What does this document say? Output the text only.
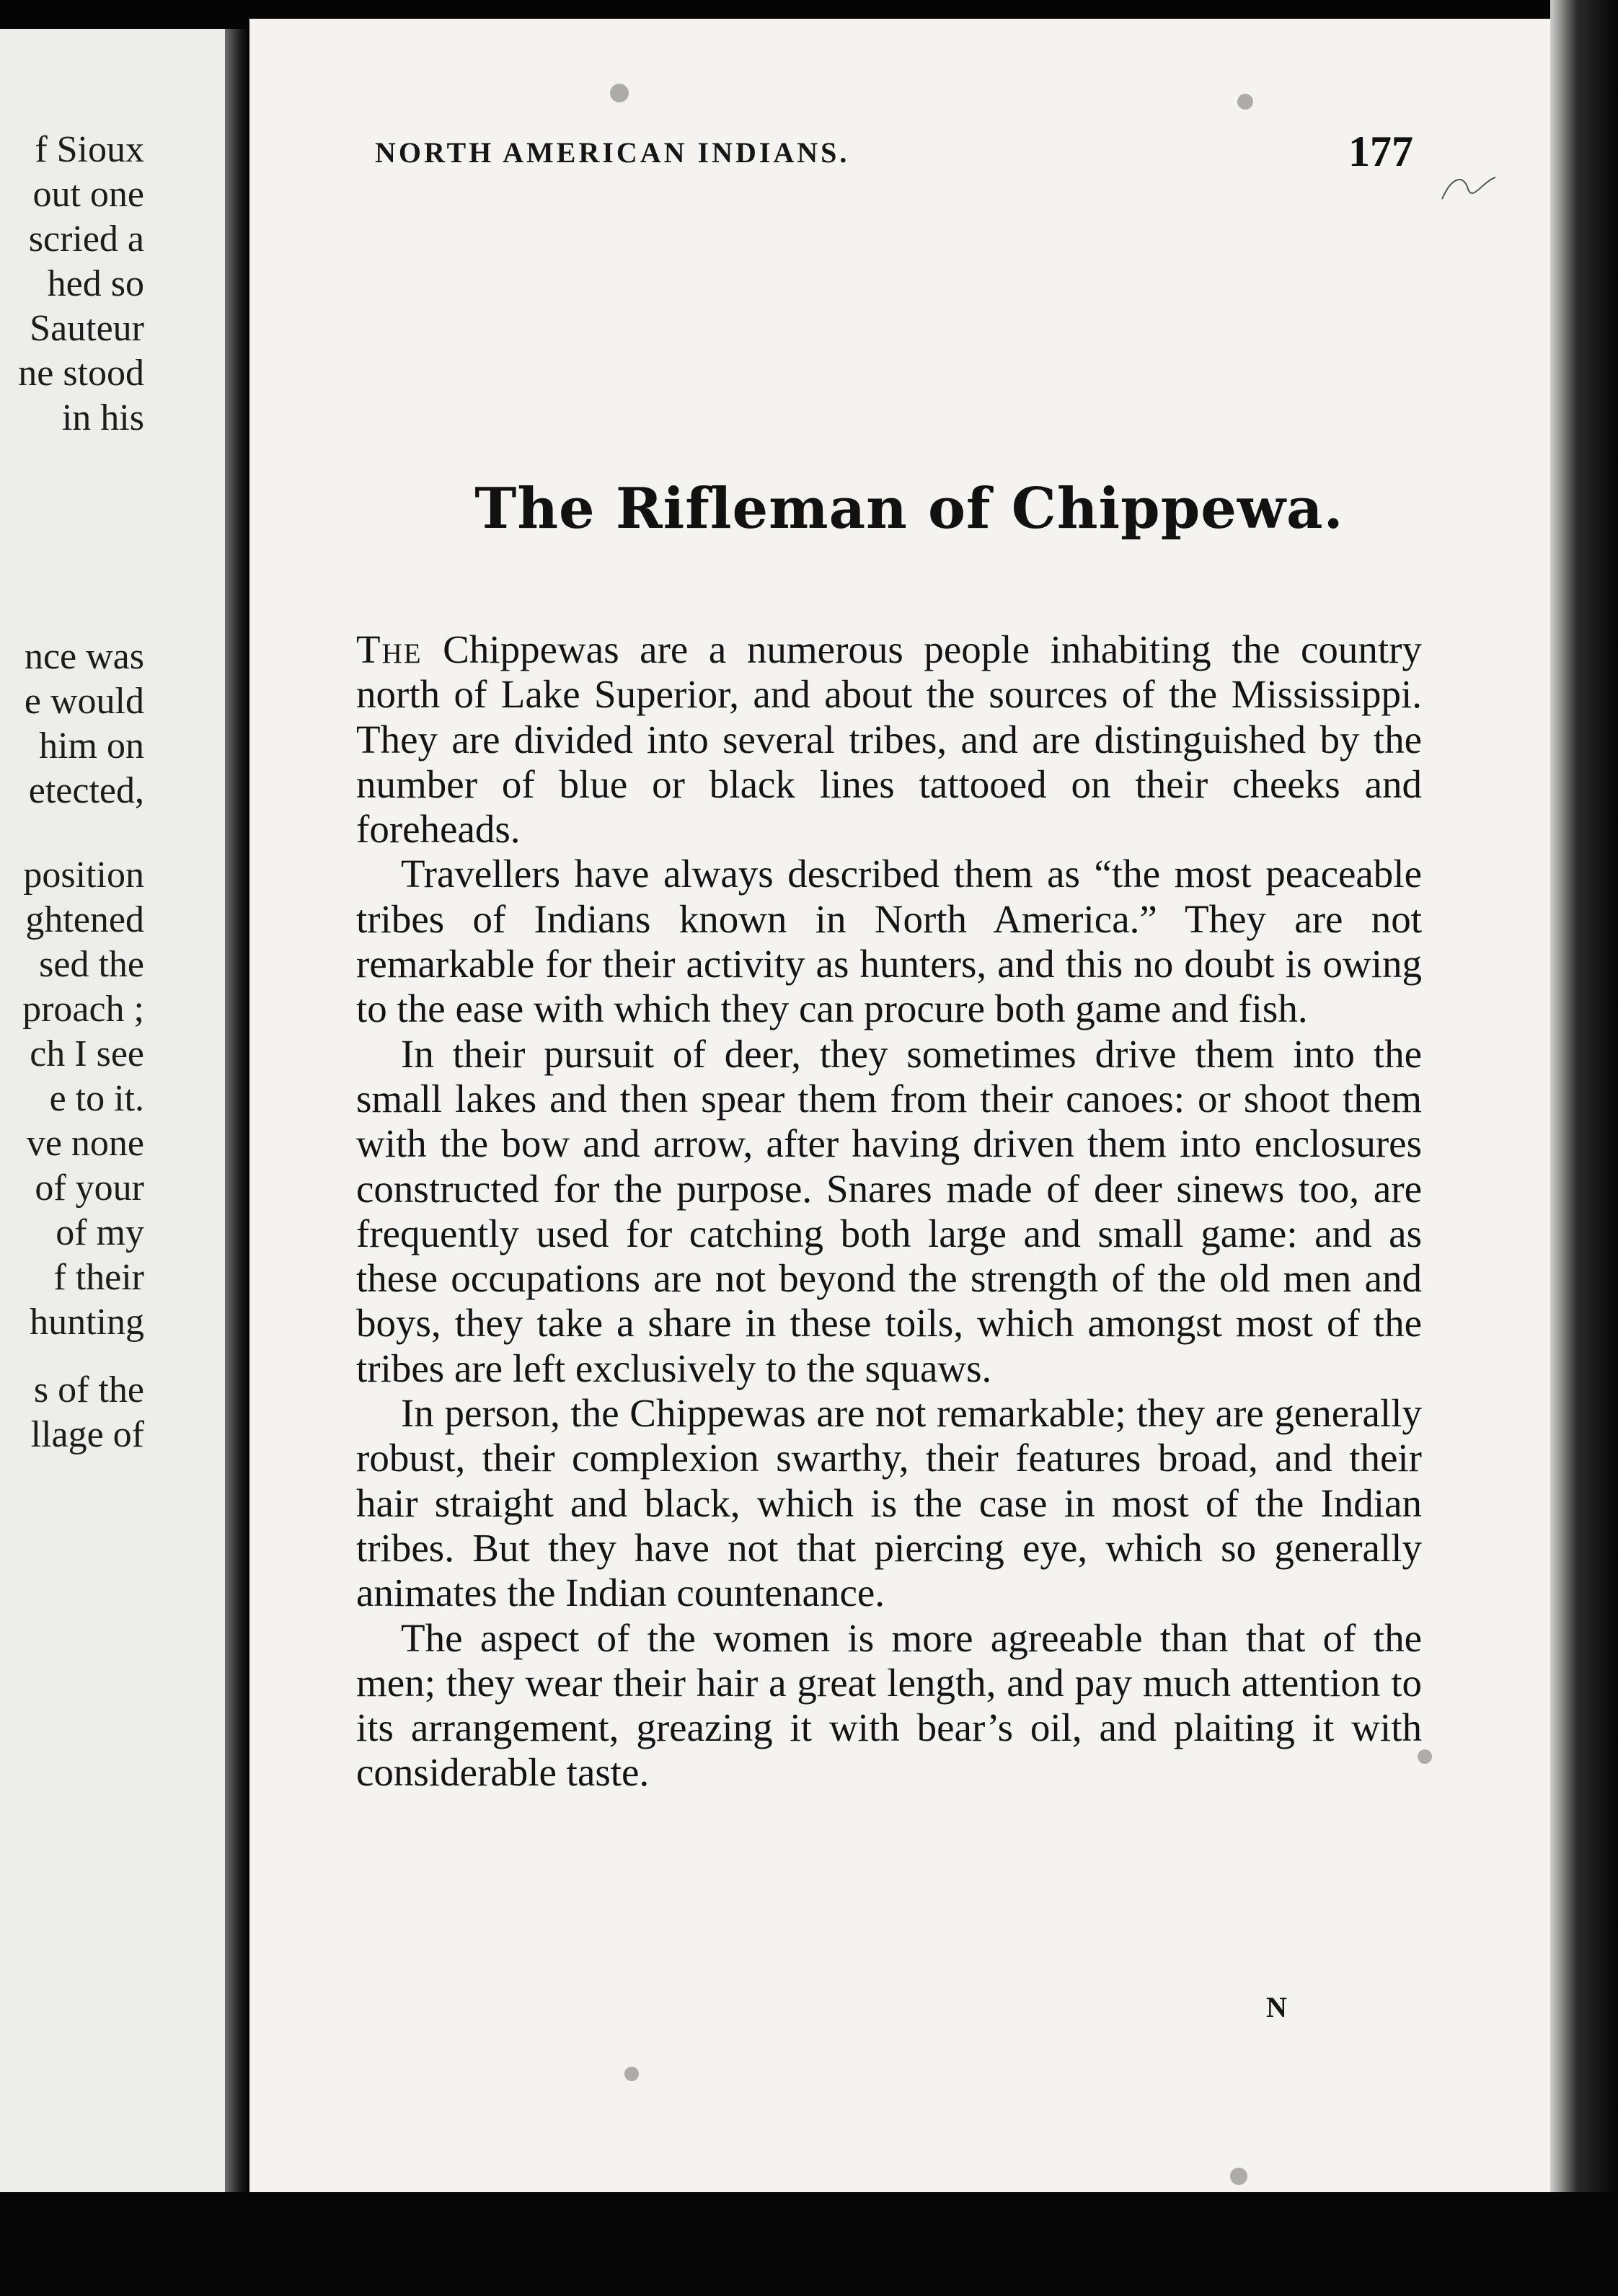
f Sioux
out one
scried a
hed so
Sauteur
ne stood
in his
nce was
e would
him on
etected,
position
ghtened
sed the
proach ;
ch I see
e to it.
ve none
of your
of my
f their
hunting
s of the
llage of
NORTH AMERICAN INDIANS.	177
The Rifleman of Chippewa.

The Chippewas are a numerous people inhabiting the country north of Lake Superior, and about the sources of the Mississippi. They are divided into several tribes, and are distinguished by the number of blue or black lines tattooed on their cheeks and foreheads.

Travellers have always described them as “the most peaceable tribes of Indians known in North America.” They are not remarkable for their activity as hunters, and this no doubt is owing to the ease with which they can procure both game and fish.

In their pursuit of deer, they sometimes drive them into the small lakes and then spear them from their canoes: or shoot them with the bow and arrow, after having driven them into enclosures constructed for the purpose. Snares made of deer sinews too, are frequently used for catching both large and small game: and as these occupations are not beyond the strength of the old men and boys, they take a share in these toils, which amongst most of the tribes are left exclusively to the squaws.

In person, the Chippewas are not remarkable; they are generally robust, their complexion swarthy, their features broad, and their hair straight and black, which is the case in most of the Indian tribes. But they have not that piercing eye, which so generally animates the Indian countenance.

The aspect of the women is more agreeable than that of the men; they wear their hair a great length, and pay much attention to its arrangement, greazing it with bear’s oil, and plaiting it with considerable taste.

N
